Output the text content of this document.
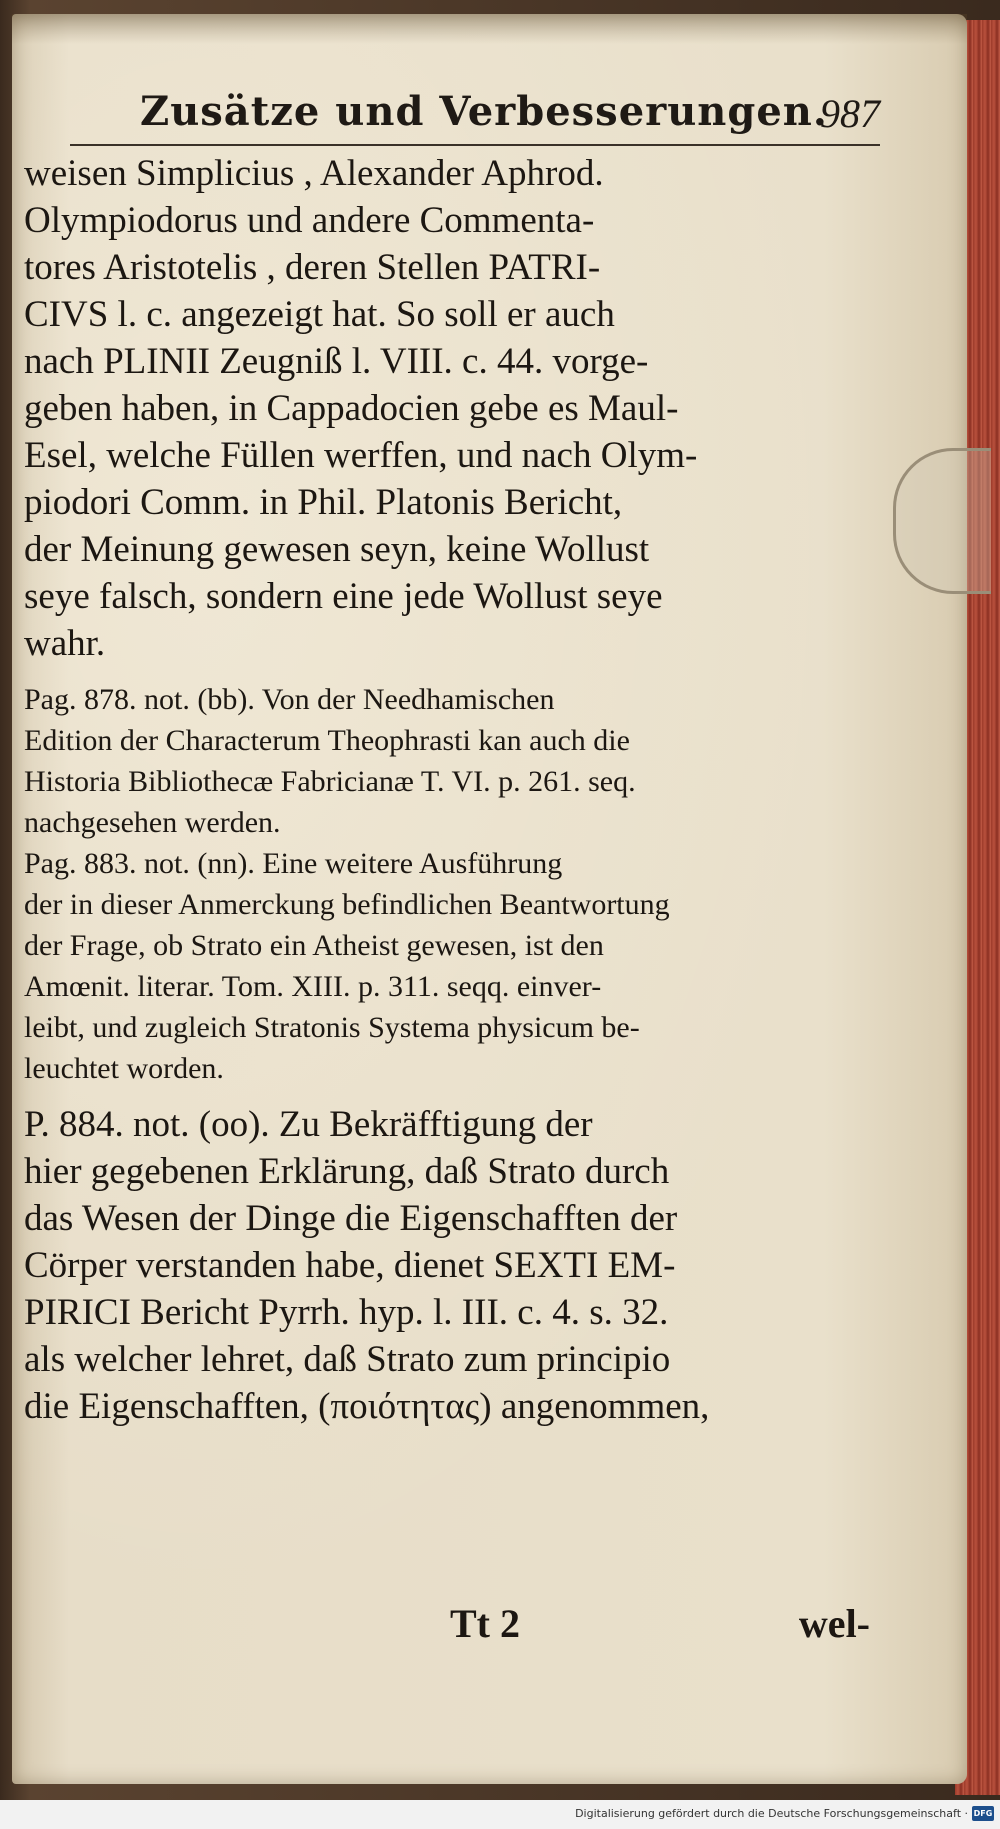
Zusätze und Verbesserungen.
987
weisen Simplicius , Alexander Aphrod.
Olympiodorus und andere Commenta-
tores Aristotelis , deren Stellen PATRI-
CIVS l. c. angezeigt hat. So soll er auch
nach PLINII Zeugniß l. VIII. c. 44. vorge-
geben haben, in Cappadocien gebe es Maul-
Esel, welche Füllen werffen, und nach Olym-
piodori Comm. in Phil. Platonis Bericht,
der Meinung gewesen seyn, keine Wollust
seye falsch, sondern eine jede Wollust seye
wahr.
Pag. 878. not. (bb). Von der Needhamischen
Edition der Characterum Theophrasti kan auch die
Historia Bibliothecæ Fabricianæ T. VI. p. 261. seq.
nachgesehen werden.
Pag. 883. not. (nn). Eine weitere Ausführung
der in dieser Anmerckung befindlichen Beantwortung
der Frage, ob Strato ein Atheist gewesen, ist den
Amœnit. literar. Tom. XIII. p. 311. seqq. einver-
leibt, und zugleich Stratonis Systema physicum be-
leuchtet worden.
P. 884. not. (oo). Zu Bekräfftigung der
hier gegebenen Erklärung, daß Strato durch
das Wesen der Dinge die Eigenschafften der
Cörper verstanden habe, dienet SEXTI EM-
PIRICI Bericht Pyrrh. hyp. l. III. c. 4. s. 32.
als welcher lehret, daß Strato zum principio
die Eigenschafften, (ποιότητας) angenommen,
Tt 2	wel-
Digitalisierung gefördert durch die Deutsche Forschungsgemeinschaft · DFG
